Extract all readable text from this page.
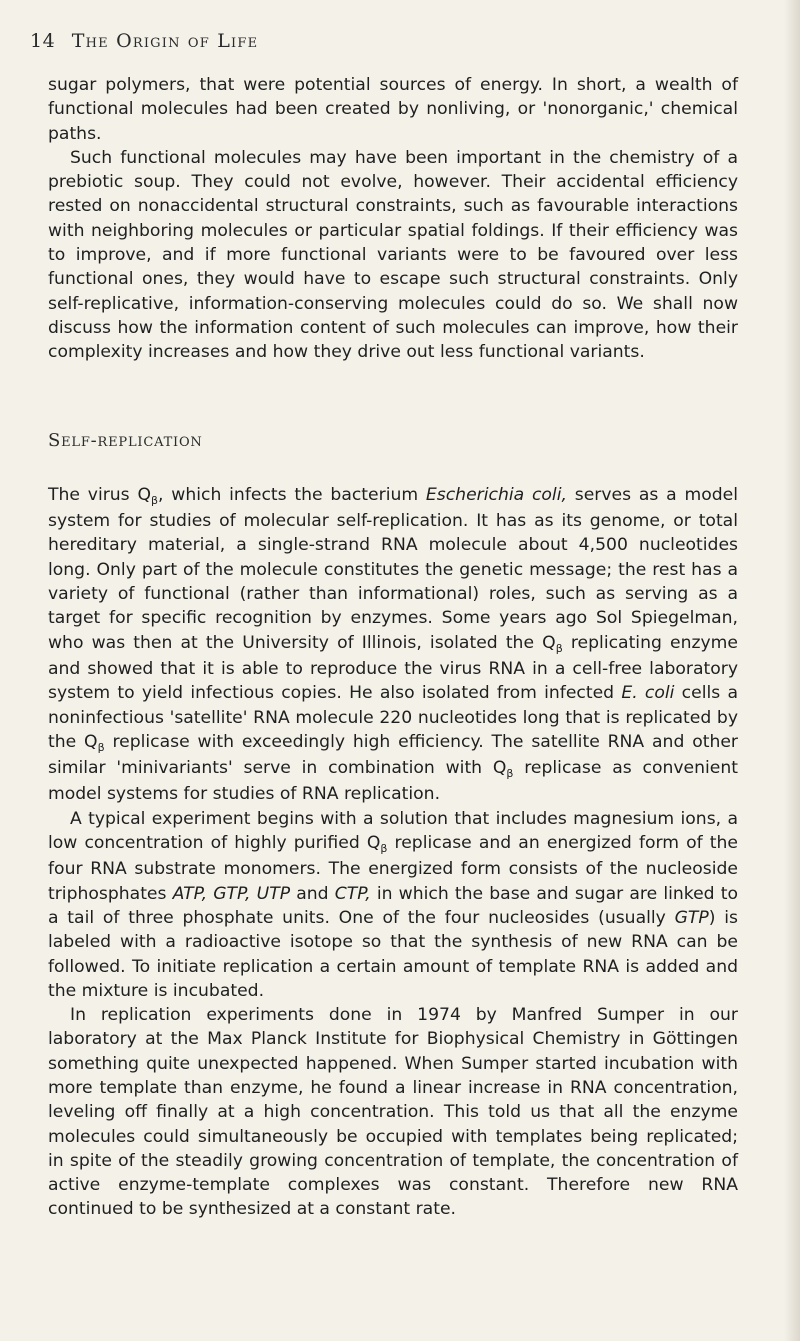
14 The Origin of Life

sugar polymers, that were potential sources of energy. In short, a wealth of functional molecules had been created by nonliving, or 'nonorganic,' chemical paths.

Such functional molecules may have been important in the chemistry of a prebiotic soup. They could not evolve, however. Their accidental efficiency rested on nonaccidental structural constraints, such as favourable interactions with neighboring molecules or particular spatial foldings. If their efficiency was to improve, and if more functional variants were to be favoured over less functional ones, they would have to escape such structural constraints. Only self-replicative, information-conserving molecules could do so. We shall now discuss how the information content of such molecules can improve, how their complexity increases and how they drive out less functional variants.

Self-replication

The virus $Q_\beta$, which infects the bacterium Escherichia coli, serves as a model system for studies of molecular self-replication. It has as its genome, or total hereditary material, a single-strand RNA molecule about 4,500 nucleotides long. Only part of the molecule constitutes the genetic message; the rest has a variety of functional (rather than informational) roles, such as serving as a target for specific recognition by enzymes. Some years ago Sol Spiegelman, who was then at the University of Illinois, isolated the $Q_\beta$ replicating enzyme and showed that it is able to reproduce the virus RNA in a cell-free laboratory system to yield infectious copies. He also isolated from infected E. coli cells a noninfectious 'satellite' RNA molecule 220 nucleotides long that is replicated by the $Q_\beta$ replicase with exceedingly high efficiency. The satellite RNA and other similar 'minivariants' serve in combination with $Q_\beta$ replicase as convenient model systems for studies of RNA replication.

A typical experiment begins with a solution that includes magnesium ions, a low concentration of highly purified $Q_\beta$ replicase and an energized form of the four RNA substrate monomers. The energized form consists of the nucleoside triphosphates ATP, GTP, UTP and CTP, in which the base and sugar are linked to a tail of three phosphate units. One of the four nucleosides (usually GTP) is labeled with a radioactive isotope so that the synthesis of new RNA can be followed. To initiate replication a certain amount of template RNA is added and the mixture is incubated.

In replication experiments done in 1974 by Manfred Sumper in our laboratory at the Max Planck Institute for Biophysical Chemistry in Göttingen something quite unexpected happened. When Sumper started incubation with more template than enzyme, he found a linear increase in RNA concentration, leveling off finally at a high concentration. This told us that all the enzyme molecules could simultaneously be occupied with templates being replicated; in spite of the steadily growing concentration of template, the concentration of active enzyme-template complexes was constant. Therefore new RNA continued to be synthesized at a constant rate.
